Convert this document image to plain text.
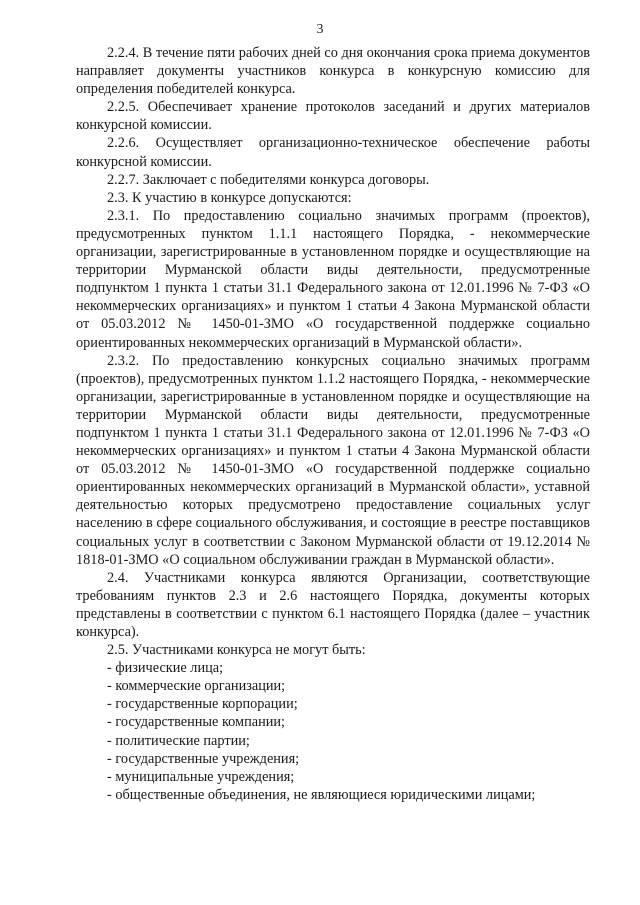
3

2.2.4. В течение пяти рабочих дней со дня окончания срока приема документов направляет документы участников конкурса в конкурсную комиссию для определения победителей конкурса.

2.2.5. Обеспечивает хранение протоколов заседаний и других материалов конкурсной комиссии.

2.2.6. Осуществляет организационно-техническое обеспечение работы конкурсной комиссии.

2.2.7. Заключает с победителями конкурса договоры.

2.3. К участию в конкурсе допускаются:

2.3.1. По предоставлению социально значимых программ (проектов), предусмотренных пунктом 1.1.1 настоящего Порядка, - некоммерческие организации, зарегистрированные в установленном порядке и осуществляющие на территории Мурманской области виды деятельности, предусмотренные подпунктом 1 пункта 1 статьи 31.1 Федерального закона от 12.01.1996 № 7-ФЗ «О некоммерческих организациях» и пунктом 1 статьи 4 Закона Мурманской области от 05.03.2012 № 1450-01-ЗМО «О государственной поддержке социально ориентированных некоммерческих организаций в Мурманской области».

2.3.2. По предоставлению конкурсных социально значимых программ (проектов), предусмотренных пунктом 1.1.2 настоящего Порядка, - некоммерческие организации, зарегистрированные в установленном порядке и осуществляющие на территории Мурманской области виды деятельности, предусмотренные подпунктом 1 пункта 1 статьи 31.1 Федерального закона от 12.01.1996 № 7-ФЗ «О некоммерческих организациях» и пунктом 1 статьи 4 Закона Мурманской области от 05.03.2012 № 1450-01-ЗМО «О государственной поддержке социально ориентированных некоммерческих организаций в Мурманской области», уставной деятельностью которых предусмотрено предоставление социальных услуг населению в сфере социального обслуживания, и состоящие в реестре поставщиков социальных услуг в соответствии с Законом Мурманской области от 19.12.2014 № 1818-01-ЗМО «О социальном обслуживании граждан в Мурманской области».

2.4. Участниками конкурса являются Организации, соответствующие требованиям пунктов 2.3 и 2.6 настоящего Порядка, документы которых представлены в соответствии с пунктом 6.1 настоящего Порядка (далее – участник конкурса).

2.5. Участниками конкурса не могут быть:

- физические лица;
- коммерческие организации;
- государственные корпорации;
- государственные компании;
- политические партии;
- государственные учреждения;
- муниципальные учреждения;
- общественные объединения, не являющиеся юридическими лицами;
